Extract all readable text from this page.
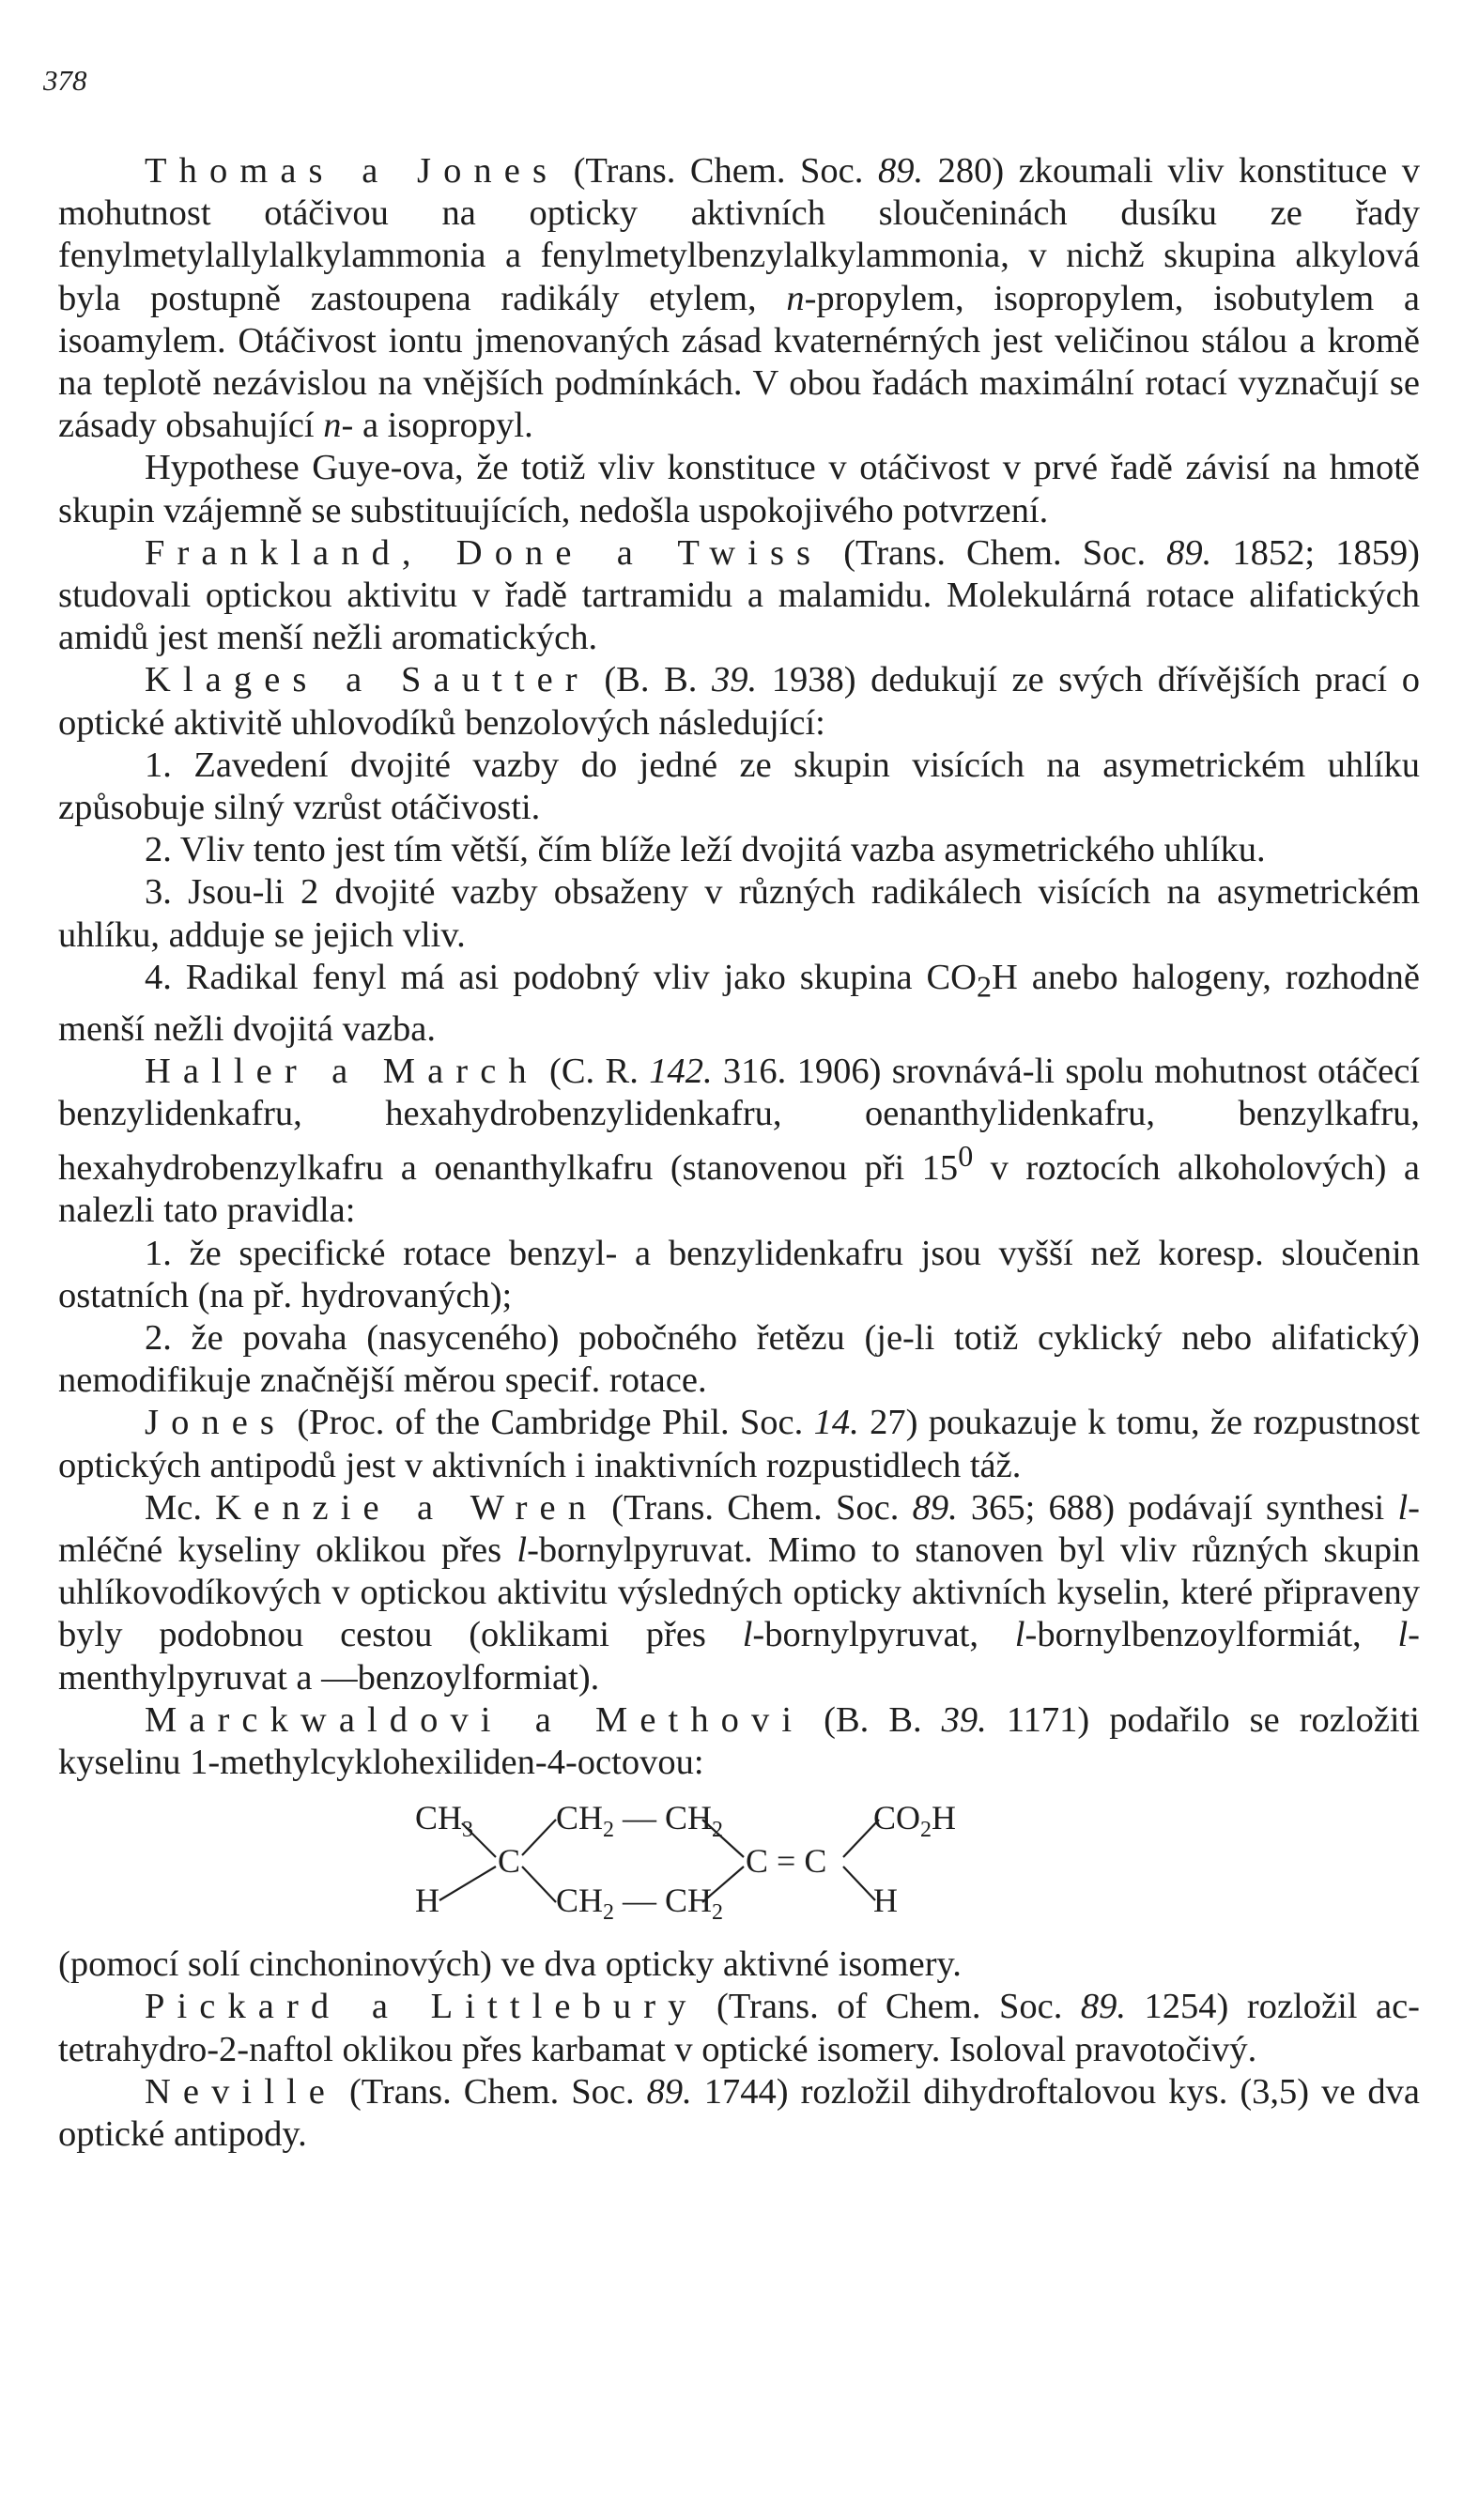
378

Thomas a Jones (Trans. Chem. Soc. 89. 280) zkoumali vliv konstituce v mohutnost otáčivou na opticky aktivních sloučeninách dusíku ze řady fenylmetylallylalkylammonia a fenylmetylbenzylalkylammonia, v nichž skupina alkylová byla postupně zastoupena radikály etylem, n-propylem, isopropylem, isobutylem a isoamylem. Otáčivost iontu jmenovaných zásad kvaternérných jest veličinou stálou a kromě na teplotě nezávislou na vnějších podmínkách. V obou řadách maximální rotací vyznačují se zásady obsahující n- a isopropyl.

Hypothese Guye-ova, že totiž vliv konstituce v otáčivost v prvé řadě závisí na hmotě skupin vzájemně se substituujících, nedošla uspokojivého potvrzení.

Frankland, Done a Twiss (Trans. Chem. Soc. 89. 1852; 1859) studovali optickou aktivitu v řadě tartramidu a malamidu. Molekulárná rotace alifatických amidů jest menší nežli aromatických.

Klages a Sautter (B. B. 39. 1938) dedukují ze svých dřívějších prací o optické aktivitě uhlovodíků benzolových následující:

1. Zavedení dvojité vazby do jedné ze skupin visících na asymetrickém uhlíku způsobuje silný vzrůst otáčivosti.

2. Vliv tento jest tím větší, čím blíže leží dvojitá vazba asymetrického uhlíku.

3. Jsou-li 2 dvojité vazby obsaženy v různých radikálech visících na asymetrickém uhlíku, adduje se jejich vliv.

4. Radikal fenyl má asi podobný vliv jako skupina $CO_2H$ anebo halogeny, rozhodně menší nežli dvojitá vazba.

Haller a March (C. R. 142. 316. 1906) srovnává-li spolu mohutnost otáčecí benzylidenkafru, hexahydrobenzylidenkafru, oenanthylidenkafru, benzylkafru, hexahydrobenzylkafru a oenanthylkafru (stanovenou při $15^0$ v roztocích alkoholových) a nalezli tato pravidla:

1. že specifické rotace benzyl- a benzylidenkafru jsou vyšší než koresp. sloučenin ostatních (na př. hydrovaných);

2. že povaha (nasyceného) pobočného řetězu (je-li totiž cyklický nebo alifatický) nemodifikuje značnější měrou specif. rotace.

Jones (Proc. of the Cambridge Phil. Soc. 14. 27) poukazuje k tomu, že rozpustnost optických antipodů jest v aktivních i inaktivních rozpustidlech táž.

Mc. Kenzie a Wren (Trans. Chem. Soc. 89. 365; 688) podávají synthesi l-mléčné kyseliny oklikou přes l-bornylpyruvat. Mimo to stanoven byl vliv různých skupin uhlíkovodíkových v optickou aktivitu výsledných opticky aktivních kyselin, které připraveny byly podobnou cestou (oklikami přes l-bornylpyruvat, l-bornylbenzoylformiát, l-menthylpyruvat a —benzoylformiat).

Marckwaldovi a Methovi (B. B. 39. 1171) podařilo se rozložiti kyselinu 1-methylcyklohexiliden-4-octovou:

$CH_3$
H
C
$CH_2$ — $CH_2$
$CH_2$ — $CH_2$
C = C
$CO_2H$
H

(pomocí solí cinchoninových) ve dva opticky aktivné isomery.

Pickard a Littlebury (Trans. of Chem. Soc. 89. 1254) rozložil ac-tetrahydro-2-naftol oklikou přes karbamat v optické isomery. Isoloval pravotočivý.

Neville (Trans. Chem. Soc. 89. 1744) rozložil dihydroftalovou kys. (3,5) ve dva optické antipody.
